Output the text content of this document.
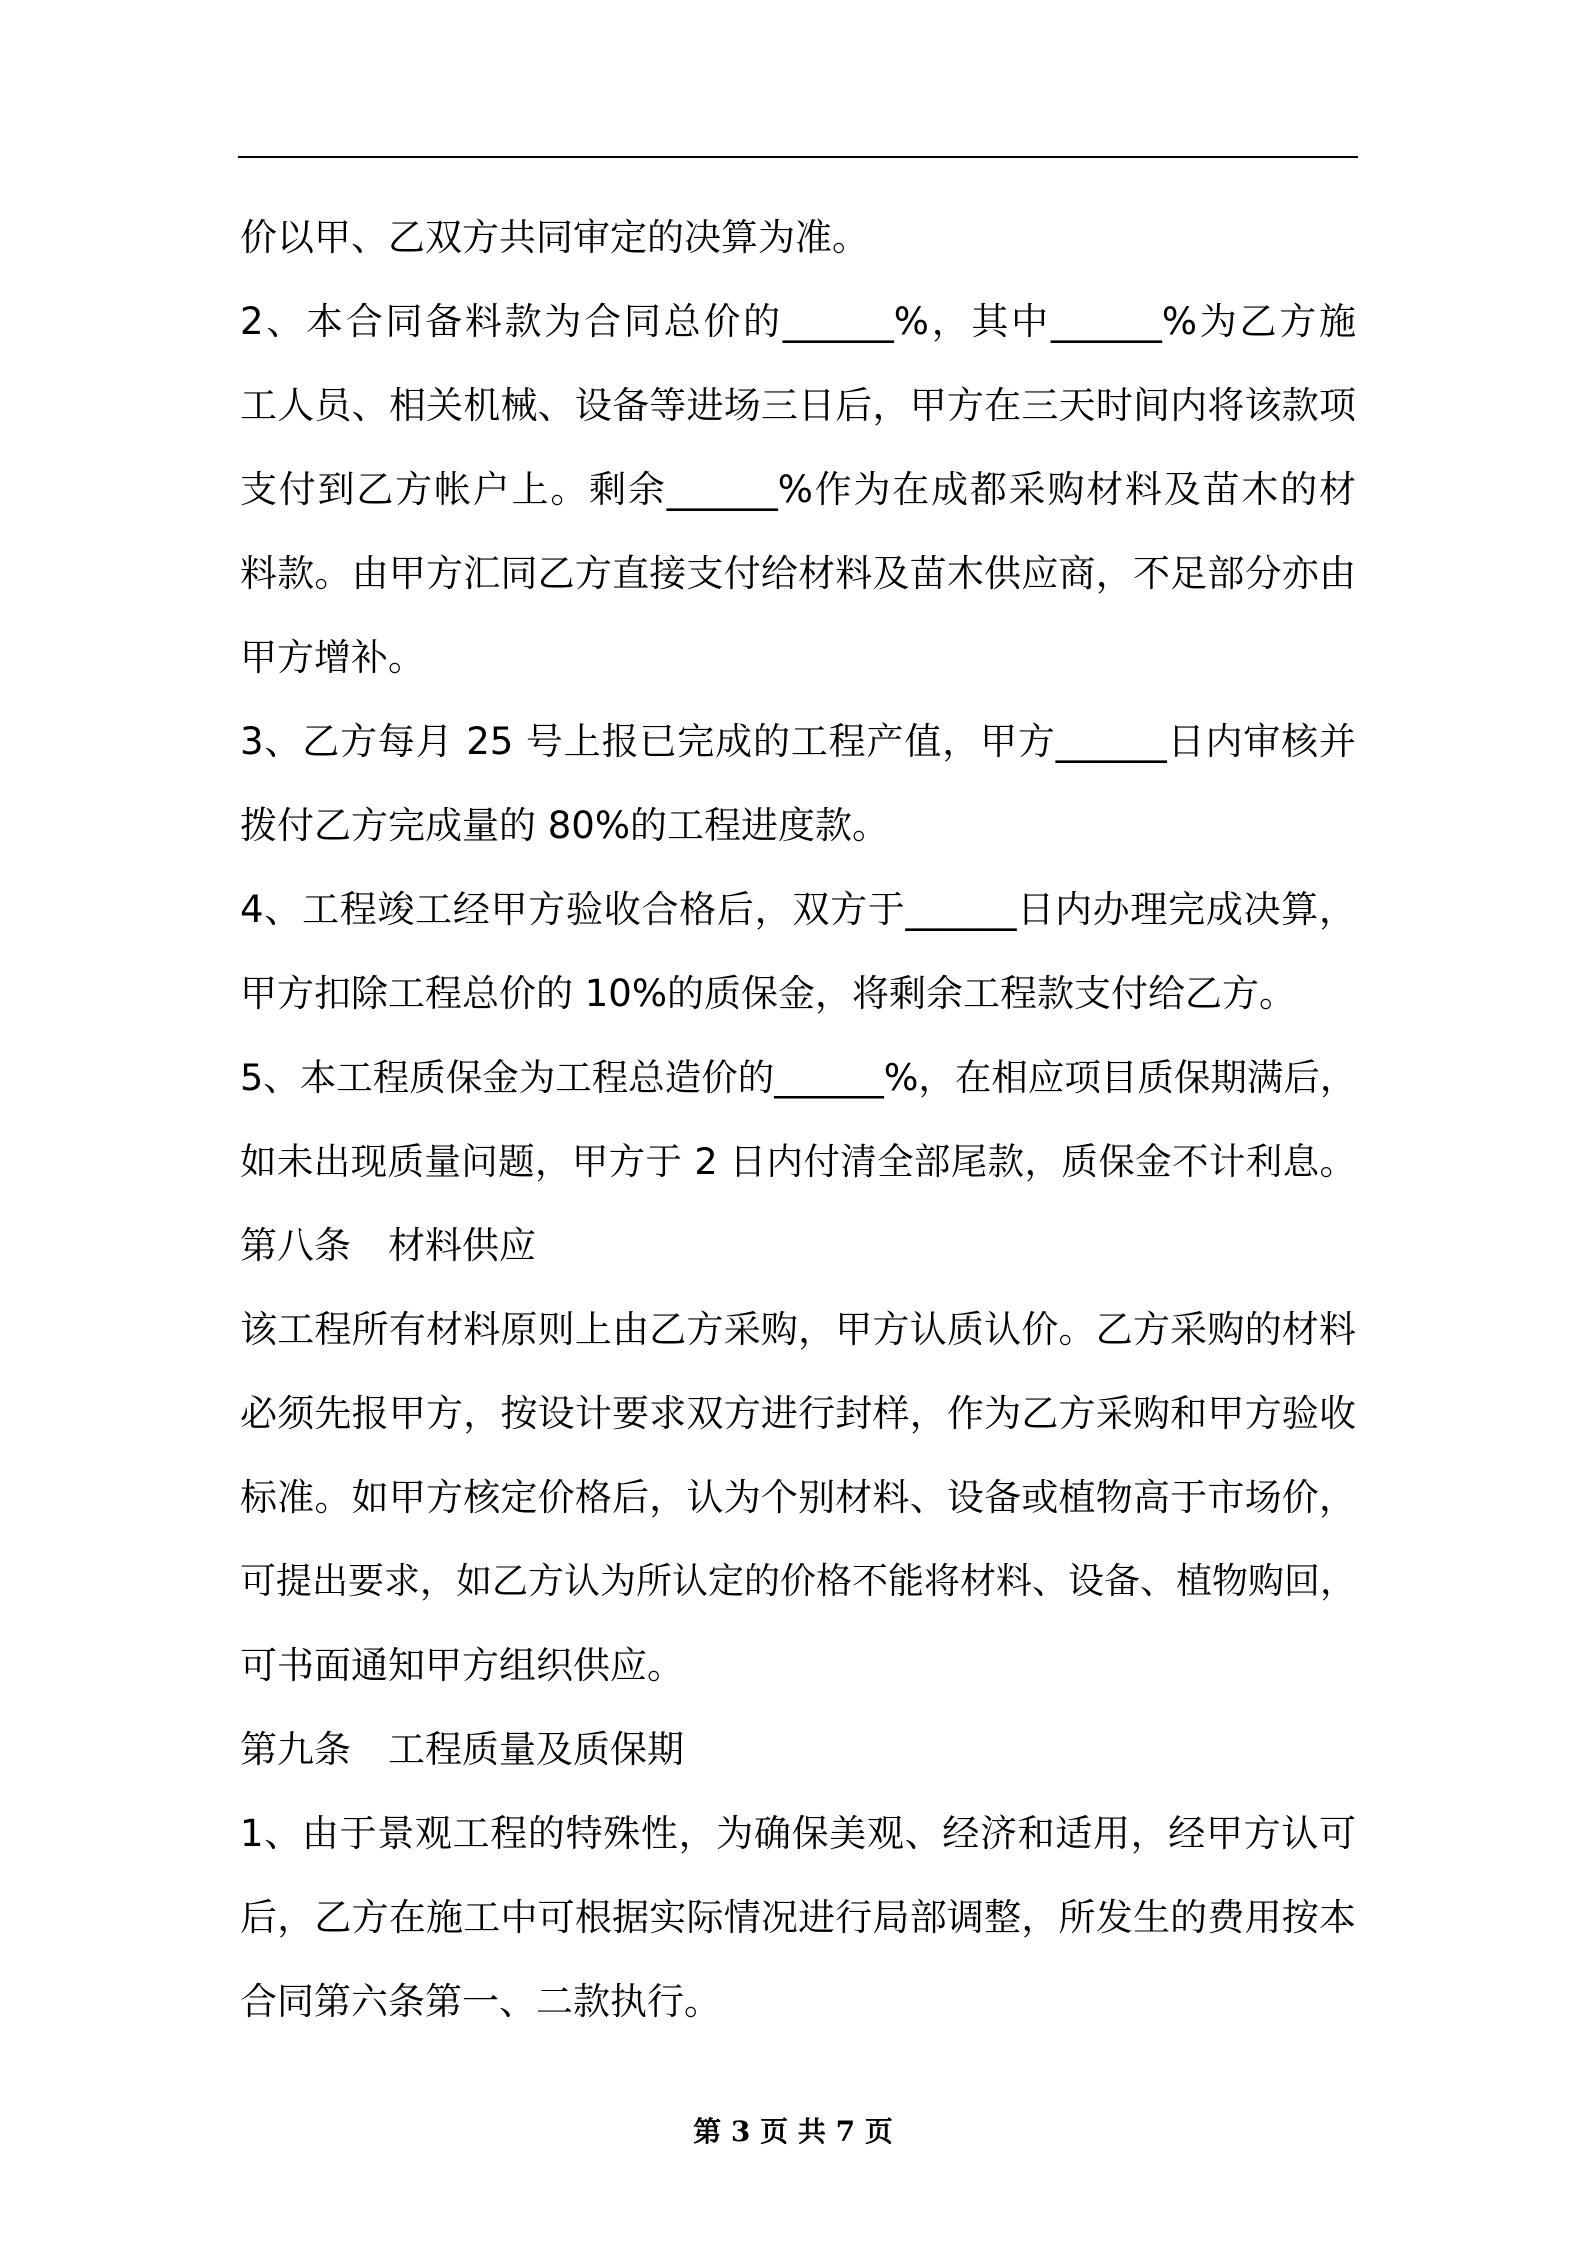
价以甲、乙双方共同审定的决算为准。
2、本合同备料款为合同总价的______%，其中______%为乙方施
工人员、相关机械、设备等进场三日后，甲方在三天时间内将该款项
支付到乙方帐户上。剩余______%作为在成都采购材料及苗木的材
料款。由甲方汇同乙方直接支付给材料及苗木供应商，不足部分亦由
甲方增补。
3、乙方每月 25 号上报已完成的工程产值，甲方______日内审核并
拨付乙方完成量的 80%的工程进度款。
4、工程竣工经甲方验收合格后，双方于______日内办理完成决算，
甲方扣除工程总价的 10%的质保金，将剩余工程款支付给乙方。
5、本工程质保金为工程总造价的______%，在相应项目质保期满后，
如未出现质量问题，甲方于 2 日内付清全部尾款，质保金不计利息。
第八条　材料供应
该工程所有材料原则上由乙方采购，甲方认质认价。乙方采购的材料
必须先报甲方，按设计要求双方进行封样，作为乙方采购和甲方验收
标准。如甲方核定价格后，认为个别材料、设备或植物高于市场价，
可提出要求，如乙方认为所认定的价格不能将材料、设备、植物购回，
可书面通知甲方组织供应。
第九条　工程质量及质保期
1、由于景观工程的特殊性，为确保美观、经济和适用，经甲方认可
后，乙方在施工中可根据实际情况进行局部调整，所发生的费用按本
合同第六条第一、二款执行。
第 3 页 共 7 页
